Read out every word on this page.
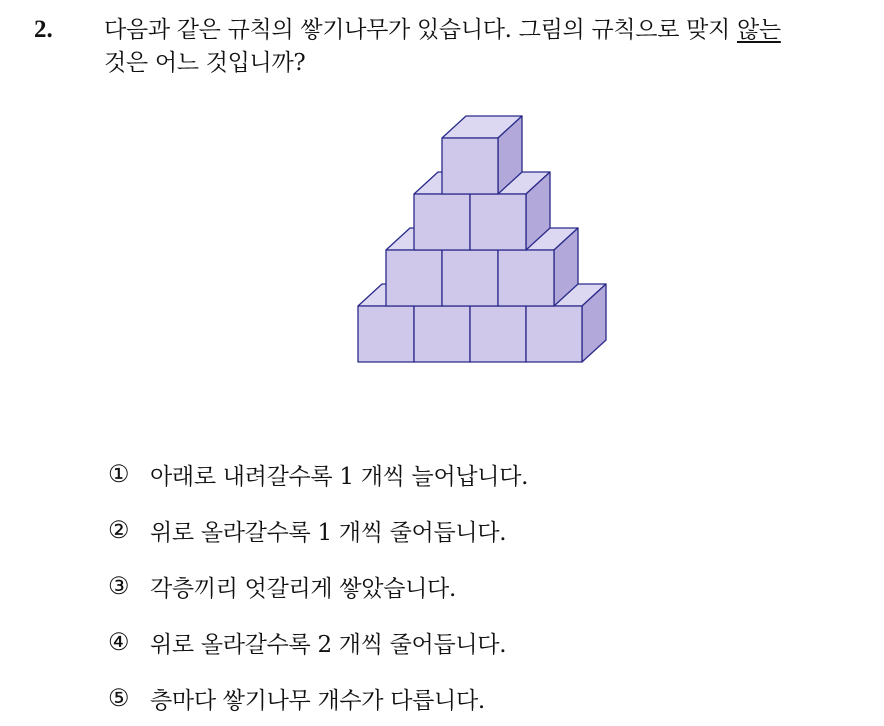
2. 다음과 같은 규칙의 쌓기나무가 있습니다. 그림의 규칙으로 맞지 않는
것은 어느 것입니까?
① 아래로 내려갈수록 1 개씩 늘어납니다.
② 위로 올라갈수록 1 개씩 줄어듭니다.
③ 각층끼리 엇갈리게 쌓았습니다.
④ 위로 올라갈수록 2 개씩 줄어듭니다.
⑤ 층마다 쌓기나무 개수가 다릅니다.
